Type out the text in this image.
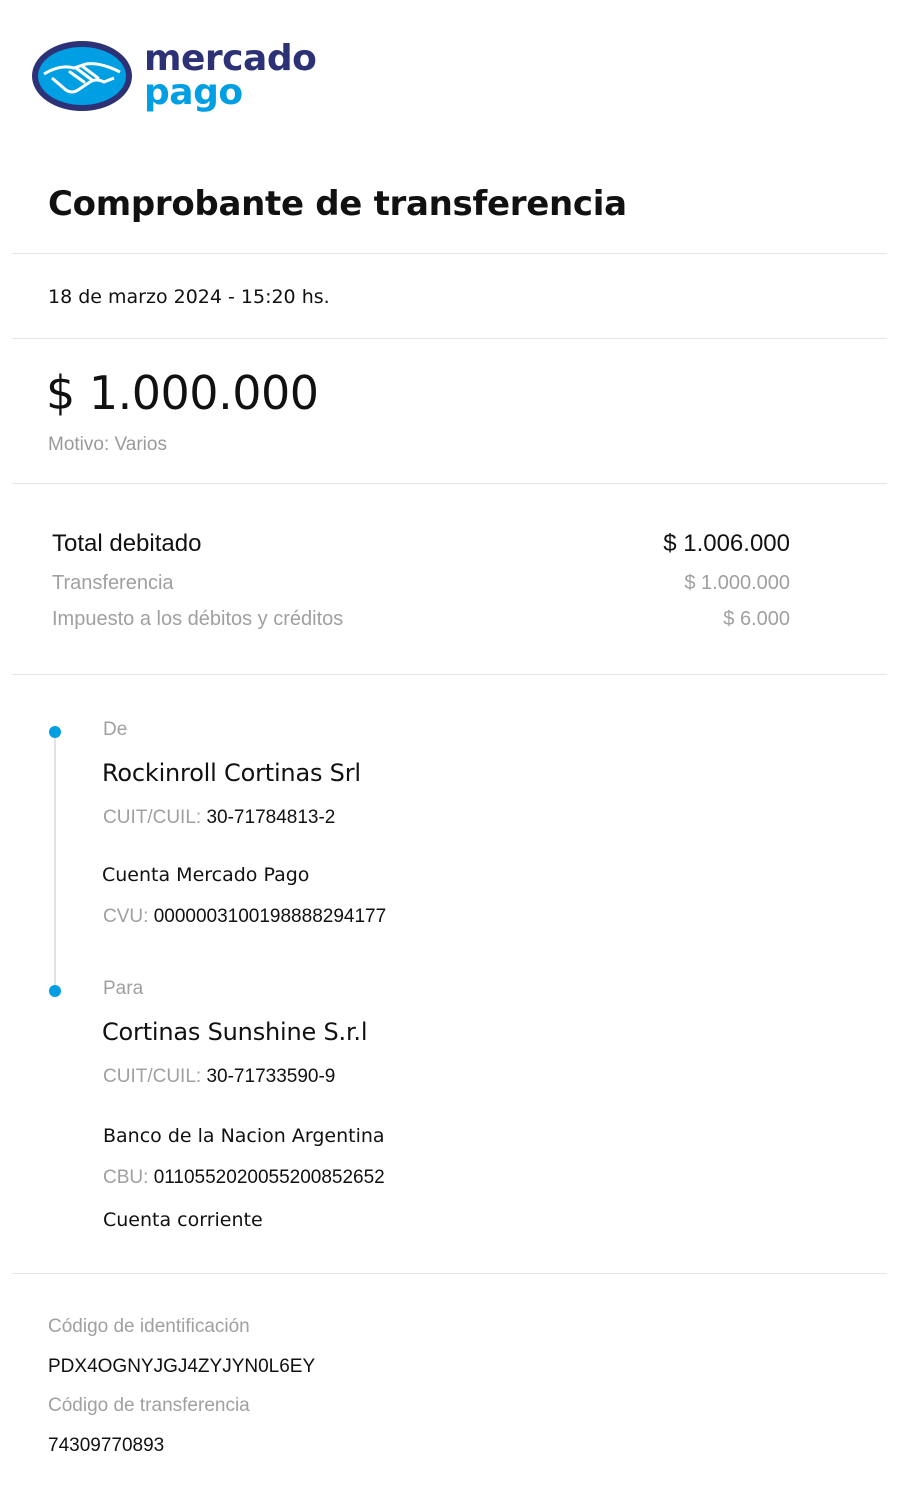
mercado
pago
Comprobante de transferencia
18 de marzo 2024 - 15:20 hs.
$ 1.000.000
Motivo: Varios
Total debitado	$ 1.006.000
Transferencia	$ 1.000.000
Impuesto a los débitos y créditos	$ 6.000
De
Rockinroll Cortinas Srl
CUIT/CUIL: 30-71784813-2
Cuenta Mercado Pago
CVU: 0000003100198888294177
Para
Cortinas Sunshine S.r.l
CUIT/CUIL: 30-71733590-9
Banco de la Nacion Argentina
CBU: 0110552020055200852652
Cuenta corriente
Código de identificación
PDX4OGNYJGJ4ZYJYN0L6EY
Código de transferencia
74309770893
